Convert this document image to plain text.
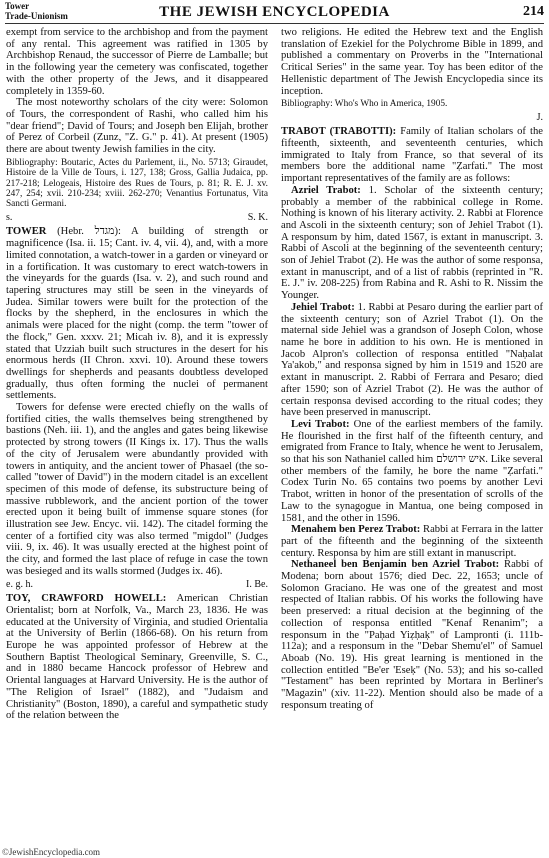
Tower
Trade-Unionism	THE JEWISH ENCYCLOPEDIA	214

exempt from service to the archbishop and from the payment of any rental. This agreement was ratified in 1305 by Archbishop Renaud, the successor of Pierre de Lamballe; but in the following year the cemetery was confiscated, together with the other property of the Jews, and it disappeared completely in 1359-60.

The most noteworthy scholars of the city were: Solomon of Tours, the correspondent of Rashi, who called him his "dear friend"; David of Tours; and Joseph ben Elijah, brother of Perez of Corbeil (Zunz, "Z. G." p. 41). At present (1905) there are about twenty Jewish families in the city.

Bibliography: Boutaric, Actes du Parlement, ii., No. 5713; Giraudet, Histoire de la Ville de Tours, i. 127, 138; Gross, Gallia Judaica, pp. 217-218; Lelogeais, Histoire des Rues de Tours, p. 81; R. E. J. xv. 247, 254; xvii. 210-234; xviii. 262-270; Venantius Fortunatus, Vita Sancti Germani.

s.	S. K.

TOWER (Hebr. מגדל): A building of strength or magnificence (Isa. ii. 15; Cant. iv. 4, vii. 4), and, with a more limited connotation, a watch-tower in a garden or vineyard or in a fortification. It was customary to erect watch-towers in the vineyards for the guards (Isa. v. 2), and such round and tapering structures may still be seen in the vineyards of Judea. Similar towers were built for the protection of the flocks by the shepherd, in the enclosures in which the animals were placed for the night (comp. the term "tower of the flock," Gen. xxxv. 21; Micah iv. 8), and it is expressly stated that Uzziah built such structures in the desert for his enormous herds (II Chron. xxvi. 10). Around these towers dwellings for shepherds and peasants doubtless developed gradually, thus often forming the nuclei of permanent settlements.

Towers for defense were erected chiefly on the walls of fortified cities, the walls themselves being strengthened by bastions (Neh. iii. 1), and the angles and gates being likewise protected by strong towers (II Kings ix. 17). Thus the walls of the city of Jerusalem were abundantly provided with towers in antiquity, and the ancient tower of Phasael (the so-called "tower of David") in the modern citadel is an excellent specimen of this mode of defense, its substructure being of massive rubblework, and the ancient portion of the tower erected upon it being built of immense square stones (for illustration see Jew. Encyc. vii. 142). The citadel forming the center of a fortified city was also termed "migdol" (Judges viii. 9, ix. 46). It was usually erected at the highest point of the city, and formed the last place of refuge in case the town was besieged and its walls stormed (Judges ix. 46).

e. g. h.	I. Be.

TOY, CRAWFORD HOWELL: American Christian Orientalist; born at Norfolk, Va., March 23, 1836. He was educated at the University of Virginia, and studied Orientalia at the University of Berlin (1866-68). On his return from Europe he was appointed professor of Hebrew at the Southern Baptist Theological Seminary, Greenville, S. C., and in 1880 became Hancock professor of Hebrew and Oriental languages at Harvard University. He is the author of "The Religion of Israel" (1882), and "Judaism and Christianity" (Boston, 1890), a careful and sympathetic study of the relation between the

two religions. He edited the Hebrew text and the English translation of Ezekiel for the Polychrome Bible in 1899, and published a commentary on Proverbs in the "International Critical Series" in the same year. Toy has been editor of the Hellenistic department of The Jewish Encyclopedia since its inception.

Bibliography: Who's Who in America, 1905.

J.

TRABOT (TRABOTTI): Family of Italian scholars of the fifteenth, sixteenth, and seventeenth centuries, which immigrated to Italy from France, so that several of its members bore the additional name "Ẓarfati." The most important representatives of the family are as follows:

Azriel Trabot: 1. Scholar of the sixteenth century; probably a member of the rabbinical college in Rome. Nothing is known of his literary activity. 2. Rabbi at Florence and Ascoli in the sixteenth century; son of Jehiel Trabot (1). A responsum by him, dated 1567, is extant in manuscript. 3. Rabbi of Ascoli at the beginning of the seventeenth century; son of Jehiel Trabot (2). He was the author of some responsa, extant in manuscript, and of a list of rabbis (reprinted in "R. E. J." iv. 208-225) from Rabina and R. Ashi to R. Nissim the Younger.

Jehiel Trabot: 1. Rabbi at Pesaro during the earlier part of the sixteenth century; son of Azriel Trabot (1). On the maternal side Jehiel was a grandson of Joseph Colon, whose name he bore in addition to his own. He is mentioned in Jacob Alpron's collection of responsa entitled "Naḥalat Ya'akob," and responsa signed by him in 1519 and 1520 are extant in manuscript. 2. Rabbi of Ferrara and Pesaro; died after 1590; son of Azriel Trabot (2). He was the author of certain responsa devised according to the ritual codes; they have been preserved in manuscript.

Levi Trabot: One of the earliest members of the family. He flourished in the first half of the fifteenth century, and emigrated from France to Italy, whence he went to Jerusalem, so that his son Nathaniel called him איש ירושלם. Like several other members of the family, he bore the name "Ẓarfati." Codex Turin No. 65 contains two poems by another Levi Trabot, written in honor of the presentation of scrolls of the Law to the synagogue in Mantua, one being composed in 1581, and the other in 1596.

Menahem ben Perez Trabot: Rabbi at Ferrara in the latter part of the fifteenth and the beginning of the sixteenth century. Responsa by him are still extant in manuscript.

Nethaneel ben Benjamin ben Azriel Trabot: Rabbi of Modena; born about 1576; died Dec. 22, 1653; uncle of Solomon Graciano. He was one of the greatest and most respected of Italian rabbis. Of his works the following have been preserved: a ritual decision at the beginning of the collection of responsa entitled "Kenaf Renanim"; a responsum in the "Paḥad Yiẓḥaḳ" of Lampronti (i. 111b-112a); and a responsum in the "Debar Shemu'el" of Samuel Aboab (No. 19). His great learning is mentioned in the collection entitled "Be'er 'Eseḳ" (No. 53); and his so-called "Testament" has been reprinted by Mortara in Berliner's "Magazin" (xiv. 11-22). Mention should also be made of a responsum treating of

©JewishEncyclopedia.com
